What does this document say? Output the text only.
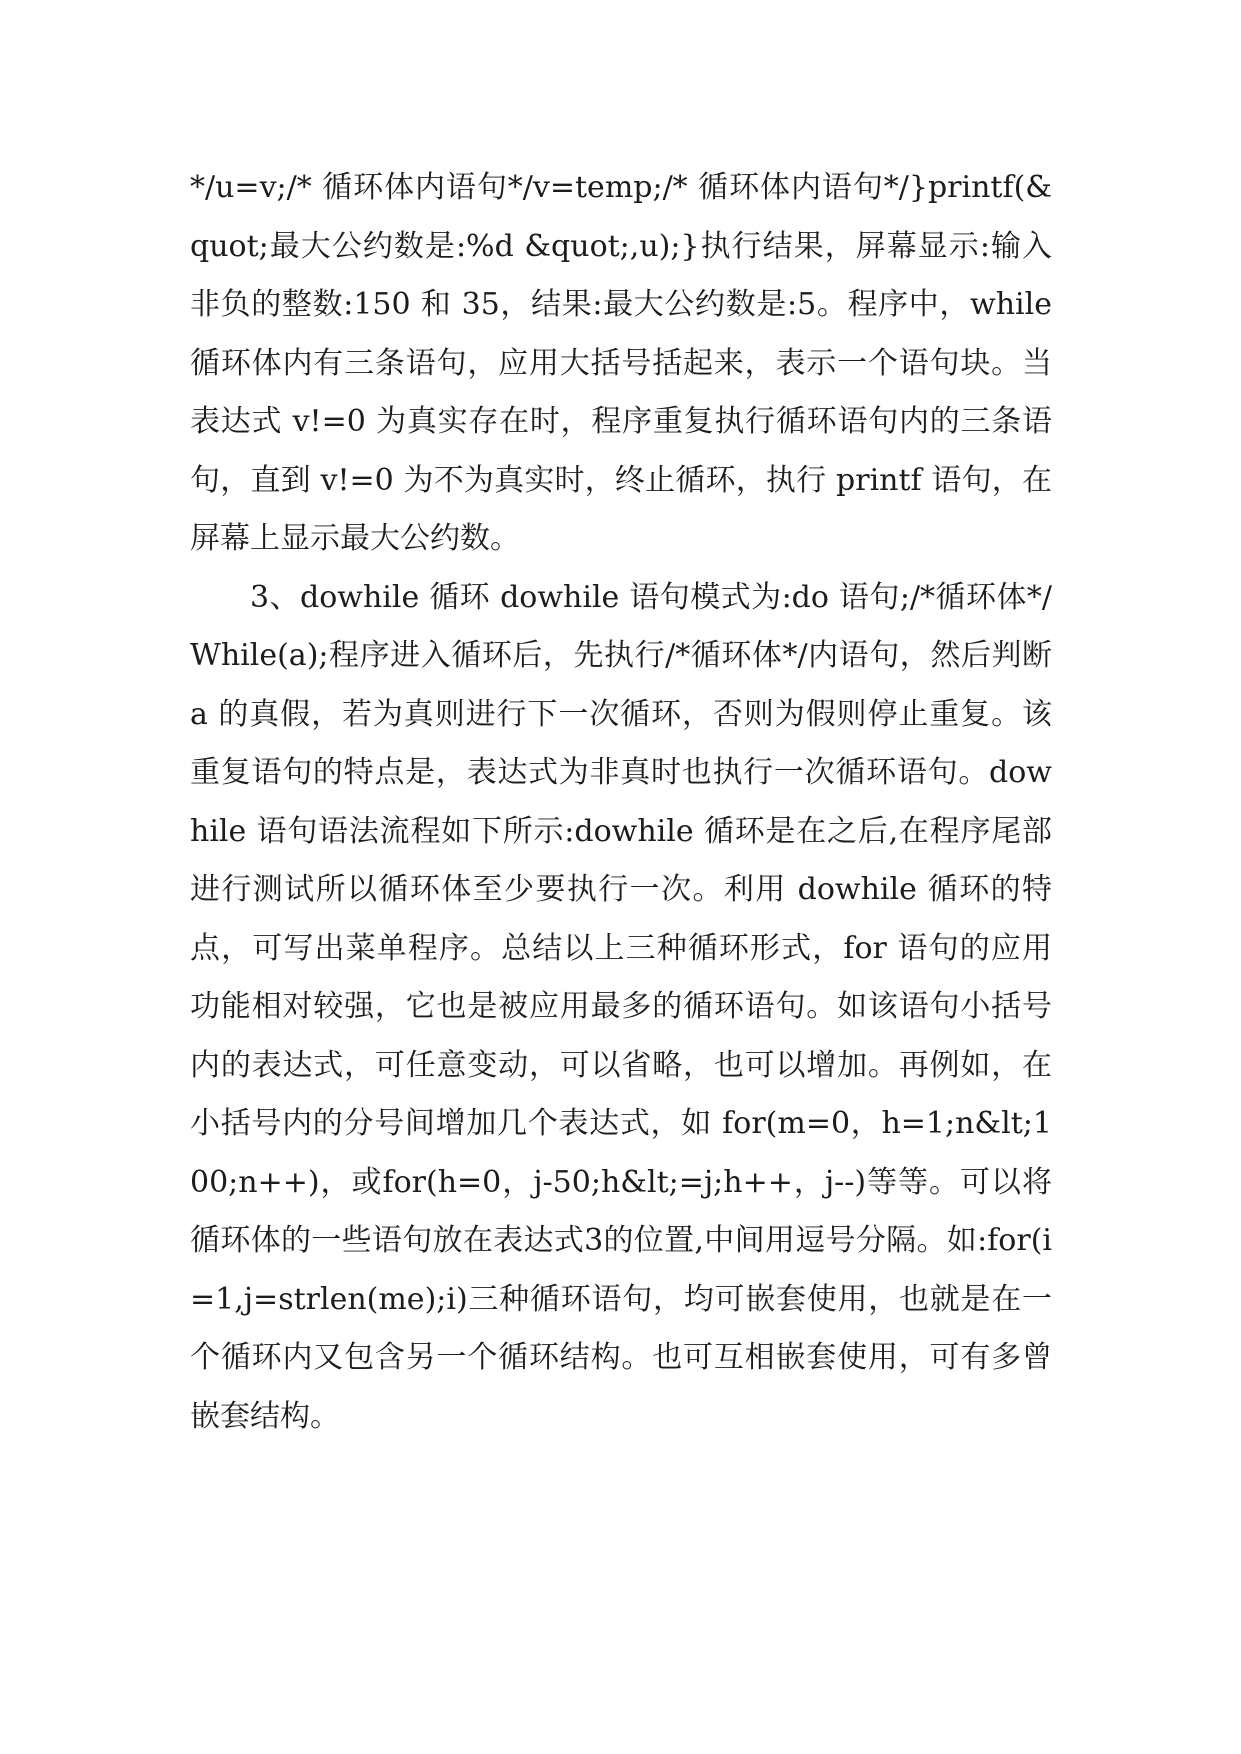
*/u=v;/* 循环体内语句*/v=temp;/* 循环体内语句*/}printf(&quot;最大公约数是:%d &quot;,u);}执行结果，屏幕显示:输入非负的整数:150 和 35，结果:最大公约数是:5。程序中，while 循环体内有三条语句，应用大括号括起来，表示一个语句块。当表达式 v!=0 为真实存在时，程序重复执行循环语句内的三条语句，直到 v!=0 为不为真实时，终止循环，执行 printf 语句，在屏幕上显示最大公约数。

3、dowhile 循环 dowhile 语句模式为:do 语句;/*循环体*/While(a);程序进入循环后，先执行/*循环体*/内语句，然后判断 a 的真假，若为真则进行下一次循环，否则为假则停止重复。该重复语句的特点是，表达式为非真时也执行一次循环语句。dowhile 语句语法流程如下所示:dowhile 循环是在之后,在程序尾部进行测试所以循环体至少要执行一次。利用 dowhile 循环的特点，可写出菜单程序。总结以上三种循环形式，for 语句的应用功能相对较强，它也是被应用最多的循环语句。如该语句小括号内的表达式，可任意变动，可以省略，也可以增加。再例如，在小括号内的分号间增加几个表达式，如 for(m=0，h=1;n&lt;100;n++)，或for(h=0，j-50;h&lt;=j;h++，j--)等等。可以将循环体的一些语句放在表达式3的位置,中间用逗号分隔。如:for(i=1,j=strlen(me);i)三种循环语句，均可嵌套使用，也就是在一个循环内又包含另一个循环结构。也可互相嵌套使用，可有多曾嵌套结构。
